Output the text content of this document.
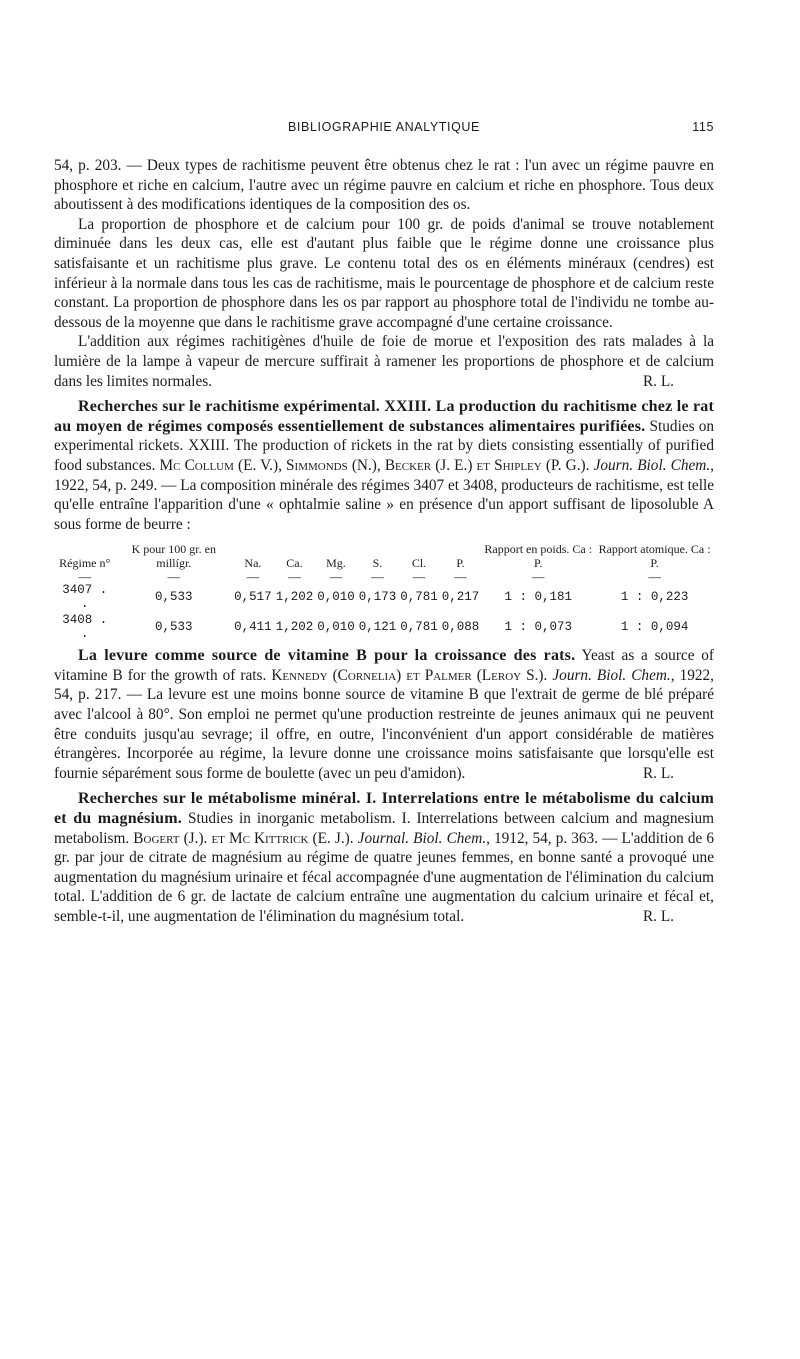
BIBLIOGRAPHIE ANALYTIQUE	115

54, p. 203. — Deux types de rachitisme peuvent être obtenus chez le rat : l'un avec un régime pauvre en phosphore et riche en calcium, l'autre avec un régime pauvre en calcium et riche en phosphore. Tous deux aboutissent à des modifications identiques de la composition des os.

La proportion de phosphore et de calcium pour 100 gr. de poids d'animal se trouve notablement diminuée dans les deux cas, elle est d'autant plus faible que le régime donne une croissance plus satisfaisante et un rachitisme plus grave. Le contenu total des os en éléments minéraux (cendres) est inférieur à la normale dans tous les cas de rachitisme, mais le pourcentage de phosphore et de calcium reste constant. La proportion de phosphore dans les os par rapport au phosphore total de l'individu ne tombe au-dessous de la moyenne que dans le rachitisme grave accompagné d'une certaine croissance.

L'addition aux régimes rachitigènes d'huile de foie de morue et l'exposition des rats malades à la lumière de la lampe à vapeur de mercure suffirait à ramener les proportions de phosphore et de calcium dans les limites normales.	R. L.

Recherches sur le rachitisme expérimental. XXIII. La production du rachitisme chez le rat au moyen de régimes composés essentiellement de substances alimentaires purifiées. Studies on experimental rickets. XXIII. The production of rickets in the rat by diets consisting essentially of purified food substances. Mc Collum (E. V.), Simmonds (N.), Becker (J. E.) et Shipley (P. G.). Journ. Biol. Chem., 1922, 54, p. 249. — La composition minérale des régimes 3407 et 3408, producteurs de rachitisme, est telle qu'elle entraîne l'apparition d'une « ophtalmie saline » en présence d'un apport suffisant de liposoluble A sous forme de beurre :

Régime n°	K pour 100 gr. en millígr.	Na.	Ca.	Mg.	S.	Cl.	P.	Rapport en poids. Ca : P.	Rapport atomique. Ca : P.
—	—	—	—	—	—	—	—	—	—
3407 . .	0,533	0,517	1,202	0,010	0,173	0,781	0,217	1 : 0,181	1 : 0,223
3408 . .	0,533	0,411	1,202	0,010	0,121	0,781	0,088	1 : 0,073	1 : 0,094

La levure comme source de vitamine B pour la croissance des rats. Yeast as a source of vitamine B for the growth of rats. Kennedy (Cornelia) et Palmer (Leroy S.). Journ. Biol. Chem., 1922, 54, p. 217. — La levure est une moins bonne source de vitamine B que l'extrait de germe de blé préparé avec l'alcool à 80°. Son emploi ne permet qu'une production restreinte de jeunes animaux qui ne peuvent être conduits jusqu'au sevrage; il offre, en outre, l'inconvénient d'un apport considérable de matières étrangères. Incorporée au régime, la levure donne une croissance moins satisfaisante que lorsqu'elle est fournie séparément sous forme de boulette (avec un peu d'amidon).	R. L.

Recherches sur le métabolisme minéral. I. Interrelations entre le métabolisme du calcium et du magnésium. Studies in inorganic metabolism. I. Interrelations between calcium and magnesium metabolism. Bogert (J.). et Mc Kittrick (E. J.). Journal. Biol. Chem., 1912, 54, p. 363. — L'addition de 6 gr. par jour de citrate de magnésium au régime de quatre jeunes femmes, en bonne santé a provoqué une augmentation du magnésium urinaire et fécal accompagnée d'une augmentation de l'élimination du calcium total. L'addition de 6 gr. de lactate de calcium entraîne une augmentation du calcium urinaire et fécal et, semble-t-il, une augmentation de l'élimination du magnésium total.	R. L.
